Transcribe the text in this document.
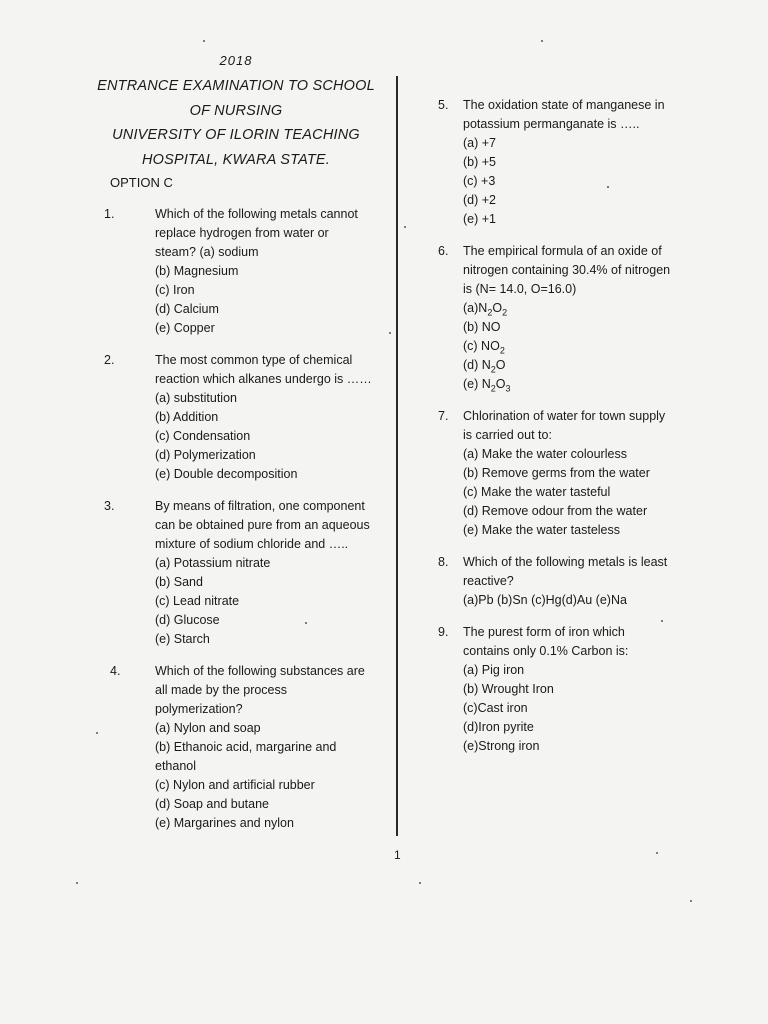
2018
ENTRANCE EXAMINATION TO SCHOOL
OF NURSING
UNIVERSITY OF ILORIN TEACHING
HOSPITAL, KWARA STATE.
OPTION C
1.	Which of the following metals cannot

replace hydrogen from water or

steam? (a) sodium

(b) Magnesium

(c) Iron

(d) Calcium

(e) Copper

2.	The most common type of chemical

reaction which alkanes undergo is ……

(a) substitution

(b) Addition

(c) Condensation

(d) Polymerization

(e) Double decomposition

3.	By means of filtration, one component

can be obtained pure from an aqueous

mixture of sodium chloride and …..

(a) Potassium nitrate

(b) Sand

(c) Lead nitrate

(d) Glucose

(e) Starch

4.	Which of the following substances are

all made by the process

polymerization?

(a) Nylon and soap

(b) Ethanoic acid, margarine and

ethanol

(c) Nylon and artificial rubber

(d) Soap and butane

(e) Margarines and nylon

5.	The oxidation state of manganese in

potassium permanganate is …..

(a) +7

(b) +5

(c) +3

(d) +2

(e) +1

6.	The empirical formula of an oxide of

nitrogen containing 30.4% of nitrogen

is (N= 14.0, O=16.0)

$(a)N_2O_2$

(b) NO

(c) $NO_2$

(d) $N_2O$

(e) $N_2O_3$

7.	Chlorination of water for town supply

is carried out to:

(a) Make the water colourless

(b) Remove germs from the water

(c) Make the water tasteful

(d) Remove odour from the water

(e) Make the water tasteless

8.	Which of the following metals is least

reactive?

(a)Pb (b)Sn (c)Hg(d)Au (e)Na

9.	The purest form of iron which

contains only 0.1% Carbon is:

(a) Pig iron

(b) Wrought Iron

(c)Cast iron

(d)Iron pyrite

(e)Strong iron

1
